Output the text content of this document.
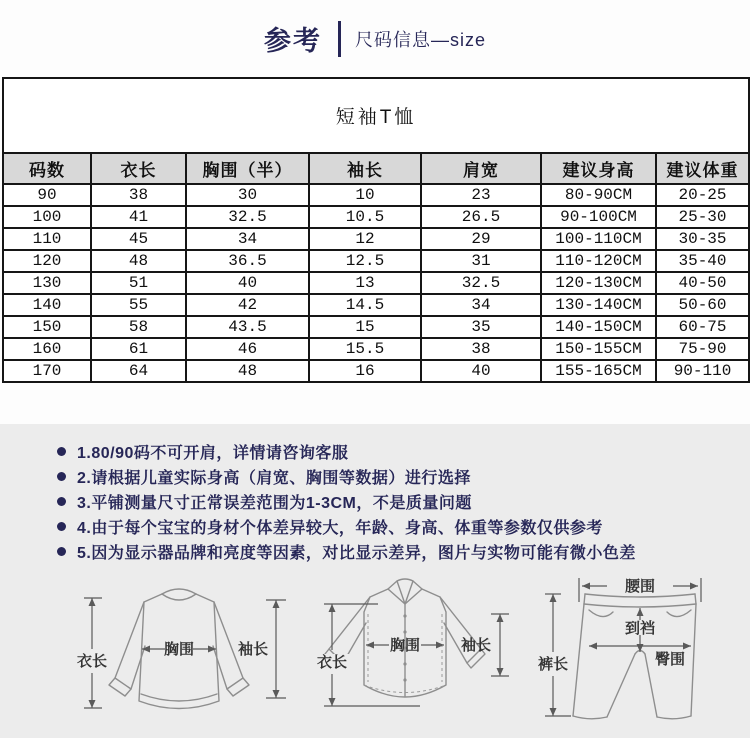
参考 尺码信息—size
短袖T恤						
码数	衣长	胸围（半）	袖长	肩宽	建议身高	建议体重
90	38	30	10	23	80-90CM	20-25
100	41	32.5	10.5	26.5	90-100CM	25-30
110	45	34	12	29	100-110CM	30-35
120	48	36.5	12.5	31	110-120CM	35-40
130	51	40	13	32.5	120-130CM	40-50
140	55	42	14.5	34	130-140CM	50-60
150	58	43.5	15	35	140-150CM	60-75
160	61	46	15.5	38	150-155CM	75-90
170	64	48	16	40	155-165CM	90-110
1.80/90码不可开肩，详情请咨询客服
2.请根据儿童实际身高（肩宽、胸围等数据）进行选择
3.平铺测量尺寸正常误差范围为1-3CM，不是质量问题
4.由于每个宝宝的身材个体差异较大，年龄、身高、体重等参数仅供参考
5.因为显示器品牌和亮度等因素，对比显示差异，图片与实物可能有微小色差
衣长
胸围	袖长
衣长
胸围	袖长
腰围
裤长
到裆
臀围
